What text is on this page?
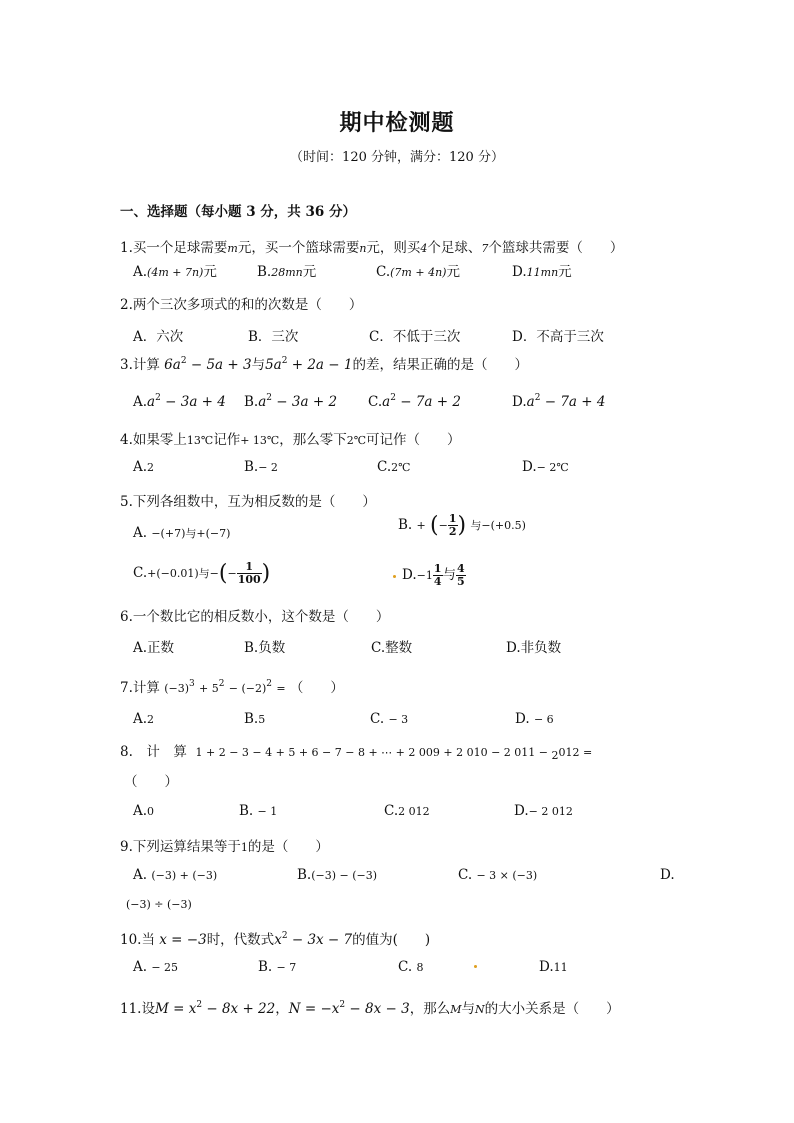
期中检测题
（时间：120 分钟，满分：120 分）
一、选择题（每小题 3 分，共 36 分）
1.买一个足球需要m元，买一个篮球需要n元，则买4个足球、7个篮球共需要（　　）
A.(4m + 7n)元	B.28mn元	C.(7m + 4n)元	D.11mn元
2.两个三次多项式的和的次数是（　　）
A．六次	B．三次	C．不低于三次	D．不高于三次
3.计算 $6a^2 - 5a + 3$与$5a^2 + 2a - 1$的差，结果正确的是（　　）
$A.a^2 - 3a + 4$ $B.a^2 - 3a + 2$ $C.a^2 - 7a + 2$	$D.a^2 - 7a + 4$
4.如果零上13℃记作+ 13℃，那么零下2℃可记作（　　）
A.2	B.− 2	C.2℃	D.− 2℃
5.下列各组数中，互为相反数的是（　　）
A. −(+7)与+(−7)
B. + (− $\frac{1}{2}$ ) 与−(+0.5)
C.+(−0.01)与−(− $\frac{1}{100}$ )	$D.-1 \frac{1}{4}$ 与 $\frac{4}{5}$
6.一个数比它的相反数小，这个数是（　　）
A.正数	B.负数	C.整数	D.非负数
7.计算 $(-3)^3 + 5^2 - (-2)^2$ = （　　）
A.2	B.5	C. − 3	D. − 6
8.　计　算 1 + 2 − 3 − 4 + 5 + 6 − 7 − 8 + ⋯ + 2 009 + 2 010 − 2 011 − $_2$012 =
（　　）
A.0	B. − 1	C.2 012	D.− 2 012
9.下列运算结果等于1的是（　　）
A. (−3) + (−3)	B.(−3) − (−3)	C. − 3 × (−3)	D.
(−3) ÷ (−3)
10.当 x = −3时，代数式$x^2 - 3x - 7$的值为(　　)
A. − 25	B. − 7	C. 8	D.11
11.设$M = x^2 - 8x + 22$，$N = -x^2 - 8x - 3$，那么M与N的大小关系是（　　）
